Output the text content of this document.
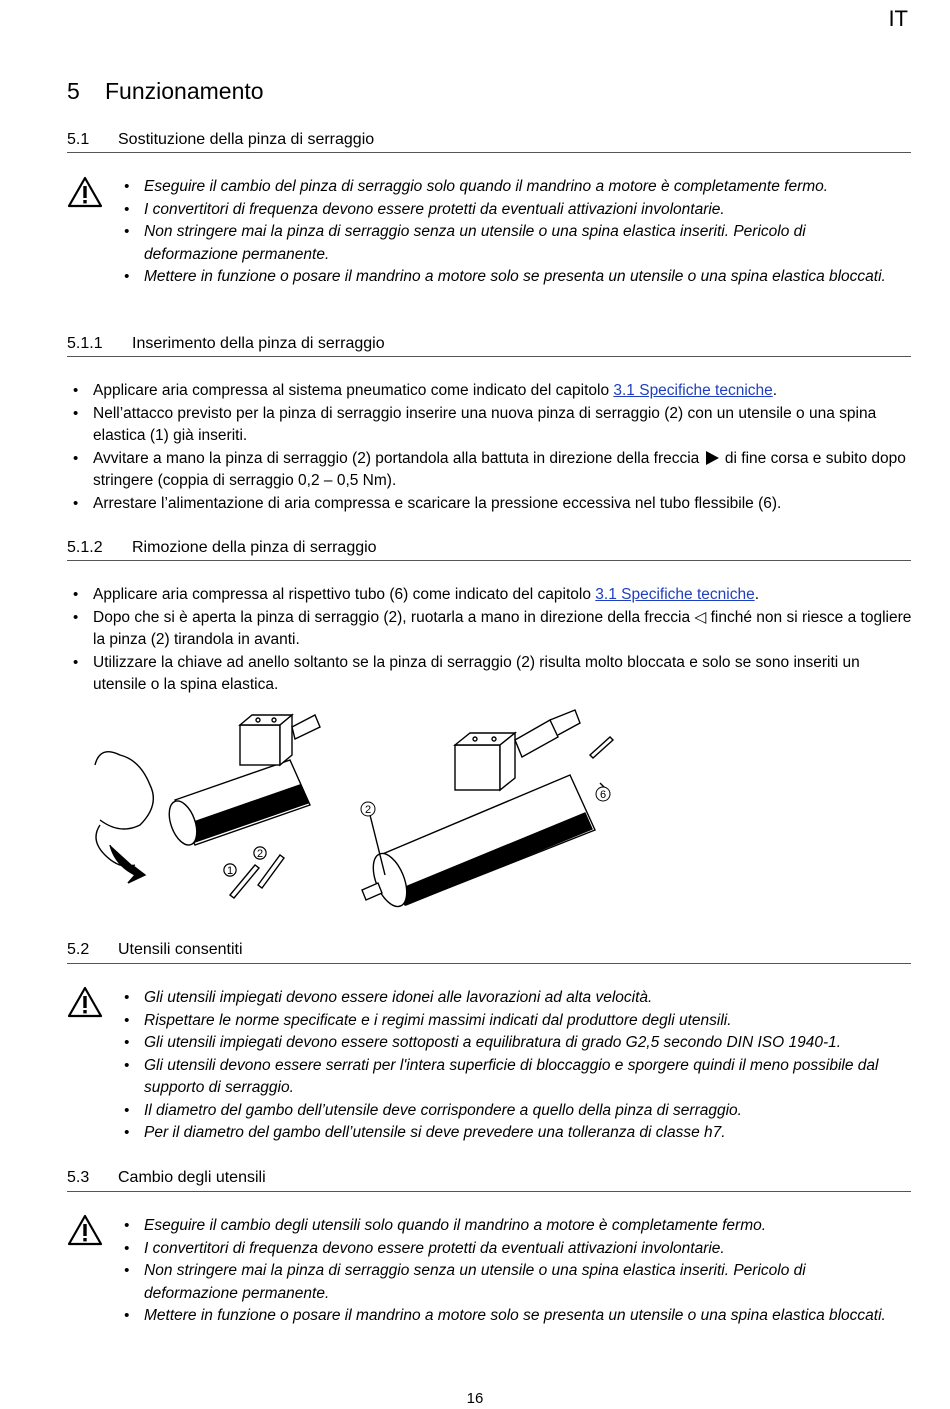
IT
5 Funzionamento
5.1 Sostituzione della pinza di serraggio
• Eseguire il cambio del pinza di serraggio solo quando il mandrino a motore è completamente fermo.
• I convertitori di frequenza devono essere protetti da eventuali attivazioni involontarie.
• Non stringere mai la pinza di serraggio senza un utensile o una spina elastica inseriti. Pericolo di deformazione permanente.
• Mettere in funzione o posare il mandrino a motore solo se presenta un utensile o una spina elastica bloccati.
5.1.1 Inserimento della pinza di serraggio
• Applicare aria compressa al sistema pneumatico come indicato del capitolo 3.1 Specifiche tecniche.
• Nell’attacco previsto per la pinza di serraggio inserire una nuova pinza di serraggio (2) con un utensile o una spina elastica (1) già inseriti.
• Avvitare a mano la pinza di serraggio (2) portandola alla battuta in direzione della freccia di fine corsa e subito dopo stringere (coppia di serraggio 0,2 – 0,5 Nm).
• Arrestare l’alimentazione di aria compressa e scaricare la pressione eccessiva nel tubo flessibile (6).
5.1.2 Rimozione della pinza di serraggio
• Applicare aria compressa al rispettivo tubo (6) come indicato del capitolo 3.1 Specifiche tecniche.
• Dopo che si è aperta la pinza di serraggio (2), ruotarla a mano in direzione della freccia ◁ finché non si riesce a togliere la pinza (2) tirandola in avanti.
• Utilizzare la chiave ad anello soltanto se la pinza di serraggio (2) risulta molto bloccata e solo se sono inseriti un utensile o la spina elastica.
1
2
2
6
5.2 Utensili consentiti
• Gli utensili impiegati devono essere idonei alle lavorazioni ad alta velocità.
• Rispettare le norme specificate e i regimi massimi indicati dal produttore degli utensili.
• Gli utensili impiegati devono essere sottoposti a equilibratura di grado G2,5 secondo DIN ISO 1940-1.
• Gli utensili devono essere serrati per l'intera superficie di bloccaggio e sporgere quindi il meno possibile dal supporto di serraggio.
• Il diametro del gambo dell’utensile deve corrispondere a quello della pinza di serraggio.
• Per il diametro del gambo dell’utensile si deve prevedere una tolleranza di classe h7.
5.3 Cambio degli utensili
• Eseguire il cambio degli utensili solo quando il mandrino a motore è completamente fermo.
• I convertitori di frequenza devono essere protetti da eventuali attivazioni involontarie.
• Non stringere mai la pinza di serraggio senza un utensile o una spina elastica inseriti. Pericolo di deformazione permanente.
• Mettere in funzione o posare il mandrino a motore solo se presenta un utensile o una spina elastica bloccati.
16
